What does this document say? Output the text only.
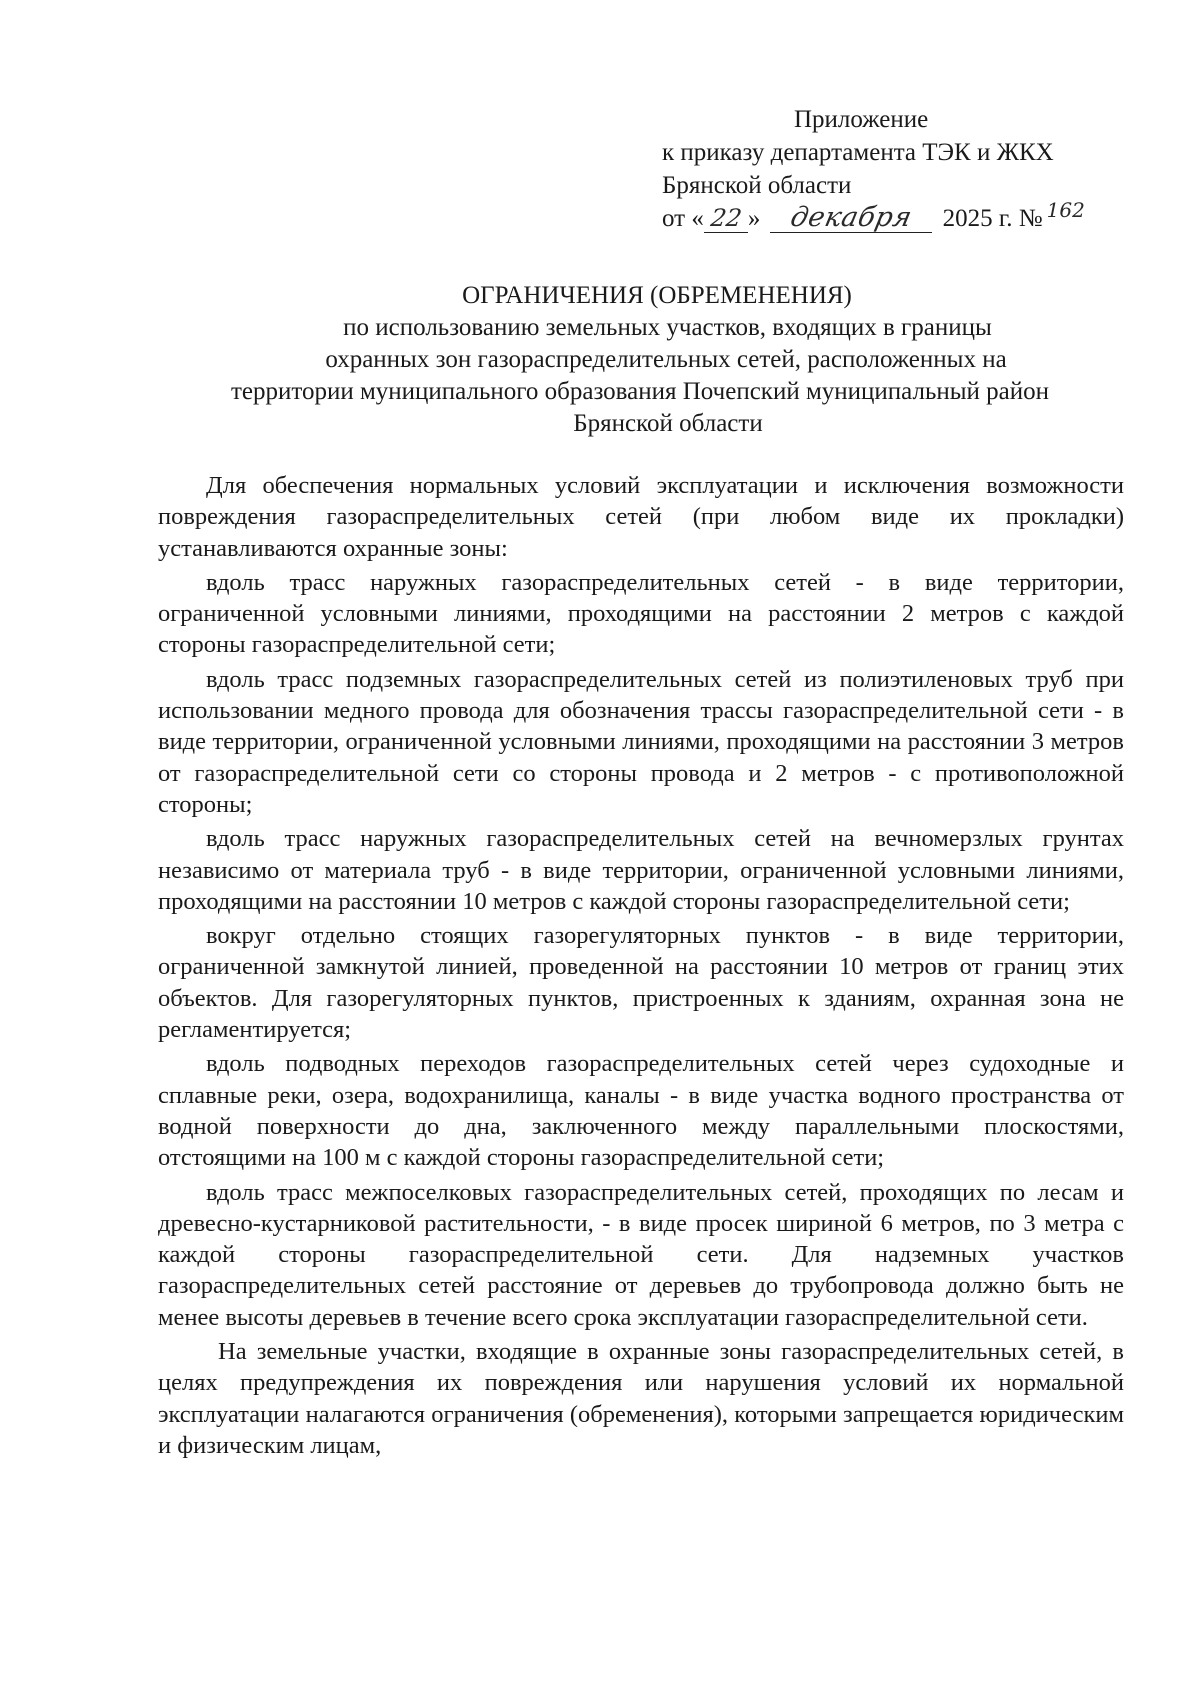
Приложение
к приказу департамента ТЭК и ЖКХ
Брянской области
от « 22 » декабря 2025 г. № 162
ОГРАНИЧЕНИЯ (ОБРЕМЕНЕНИЯ)
по использованию земельных участков, входящих в границы
охранных зон газораспределительных сетей, расположенных на
территории муниципального образования Почепский муниципальный район
Брянской области

Для обеспечения нормальных условий эксплуатации и исключения возможности повреждения газораспределительных сетей (при любом виде их прокладки) устанавливаются охранные зоны:

вдоль трасс наружных газораспределительных сетей - в виде территории, ограниченной условными линиями, проходящими на расстоянии 2 метров с каждой стороны газораспределительной сети;

вдоль трасс подземных газораспределительных сетей из полиэтиленовых труб при использовании медного провода для обозначения трассы газораспределительной сети - в виде территории, ограниченной условными линиями, проходящими на расстоянии 3 метров от газораспределительной сети со стороны провода и 2 метров - с противоположной стороны;

вдоль трасс наружных газораспределительных сетей на вечномерзлых грунтах независимо от материала труб - в виде территории, ограниченной условными линиями, проходящими на расстоянии 10 метров с каждой стороны газораспределительной сети;

вокруг отдельно стоящих газорегуляторных пунктов - в виде территории, ограниченной замкнутой линией, проведенной на расстоянии 10 метров от границ этих объектов. Для газорегуляторных пунктов, пристроенных к зданиям, охранная зона не регламентируется;

вдоль подводных переходов газораспределительных сетей через судоходные и сплавные реки, озера, водохранилища, каналы - в виде участка водного пространства от водной поверхности до дна, заключенного между параллельными плоскостями, отстоящими на 100 м с каждой стороны газораспределительной сети;

вдоль трасс межпоселковых газораспределительных сетей, проходящих по лесам и древесно-кустарниковой растительности, - в виде просек шириной 6 метров, по 3 метра с каждой стороны газораспределительной сети. Для надземных участков газораспределительных сетей расстояние от деревьев до трубопровода должно быть не менее высоты деревьев в течение всего срока эксплуатации газораспределительной сети.

На земельные участки, входящие в охранные зоны газораспределительных сетей, в целях предупреждения их повреждения или нарушения условий их нормальной эксплуатации налагаются ограничения (обременения), которыми запрещается юридическим и физическим лицам,
